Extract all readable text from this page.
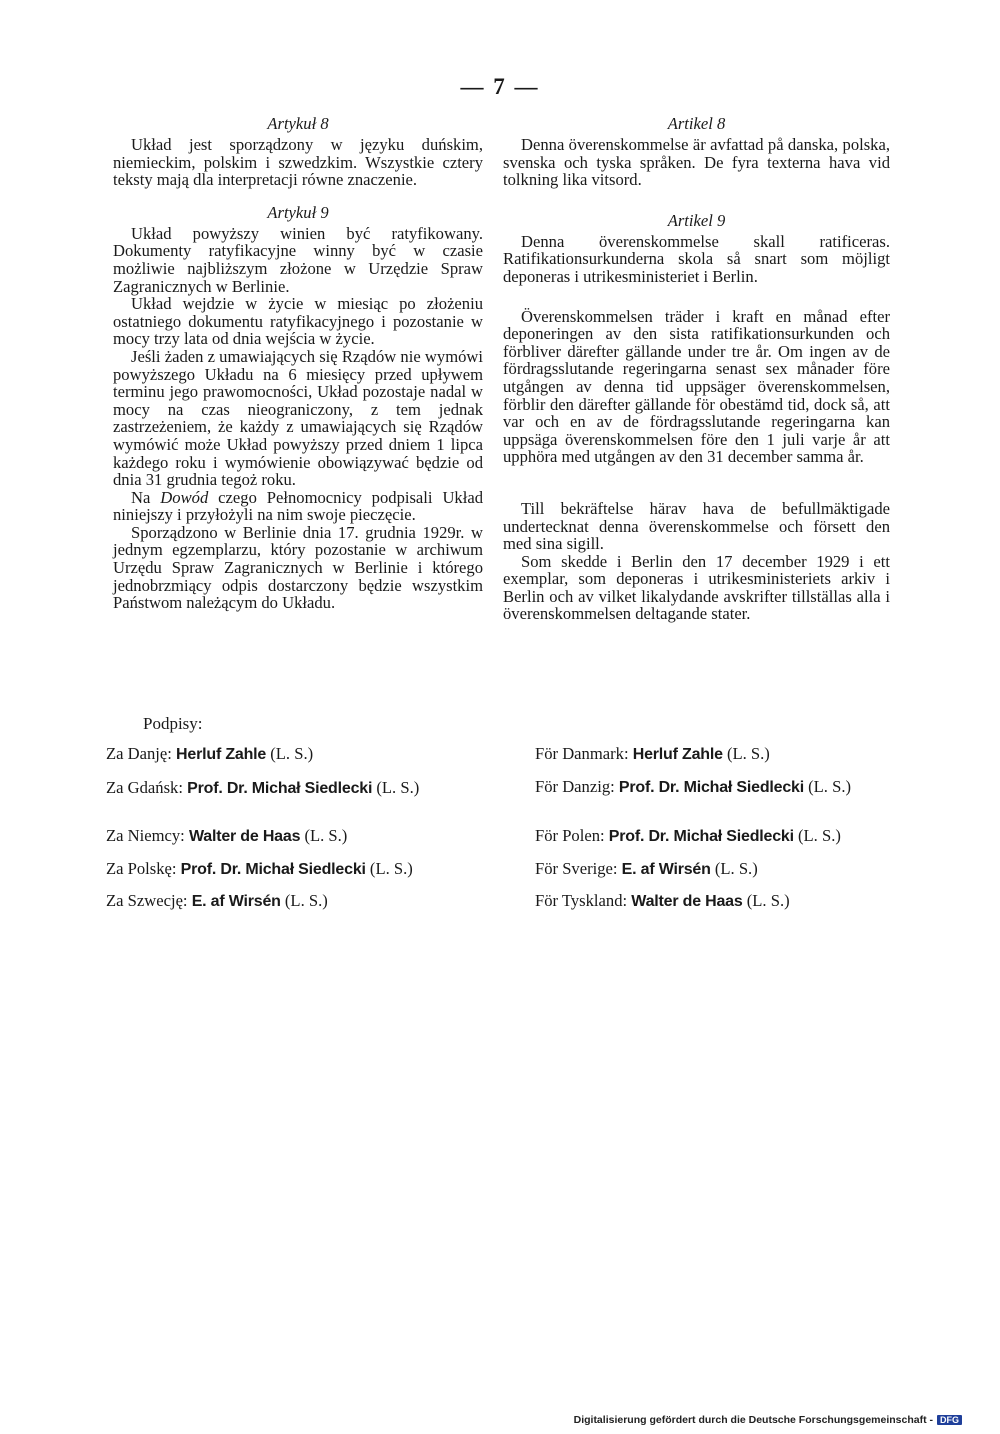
— 7 —
Artykuł 8

Układ jest sporządzony w języku duńskim, niemieckim, polskim i szwedzkim. Wszystkie cztery teksty mają dla interpretacji równe znaczenie.

Artykuł 9

Układ powyższy winien być ratyfikowany. Dokumenty ratyfikacyjne winny być w czasie możliwie najbliższym złożone w Urzędzie Spraw Zagranicznych w Berlinie.

Układ wejdzie w życie w miesiąc po złożeniu ostatniego dokumentu ratyfikacyjnego i pozostanie w mocy trzy lata od dnia wejścia w życie.

Jeśli żaden z umawiających się Rządów nie wymówi powyższego Układu na 6 miesięcy przed upływem terminu jego prawomocności, Układ pozostaje nadal w mocy na czas nieograniczony, z tem jednak zastrzeżeniem, że każdy z umawiających się Rządów wymówić może Układ powyższy przed dniem 1 lipca każdego roku i wymówienie obowiązywać będzie od dnia 31 grudnia tegoż roku.

Na Dowód czego Pełnomocnicy podpisali Układ niniejszy i przyłożyli na nim swoje pieczęcie.

Sporządzono w Berlinie dnia 17. grudnia 1929r. w jednym egzemplarzu, który pozostanie w archiwum Urzędu Spraw Zagranicznych w Berlinie i którego jednobrzmiący odpis dostarczony będzie wszystkim Państwom należącym do Układu.

Artikel 8

Denna överenskommelse är avfattad på danska, polska, svenska och tyska språken. De fyra texterna hava vid tolkning lika vitsord.

Artikel 9

Denna överenskommelse skall ratificeras. Ratifikationsurkunderna skola så snart som möjligt deponeras i utrikesministeriet i Berlin.

Överenskommelsen träder i kraft en månad efter deponeringen av den sista ratifikationsurkunden och förbliver därefter gällande under tre år. Om ingen av de fördragsslutande regeringarna senast sex månader före utgången av denna tid uppsäger överenskommelsen, förblir den därefter gällande för obestämd tid, dock så, att var och en av de fördragsslutande regeringarna kan uppsäga överenskommelsen före den 1 juli varje år att upphöra med utgången av den 31 december samma år.

Till bekräftelse härav hava de befullmäktigade undertecknat denna överenskommelse och försett den med sina sigill.

Som skedde i Berlin den 17 december 1929 i ett exemplar, som deponeras i utrikesministeriets arkiv i Berlin och av vilket likalydande avskrifter tillställas alla i överenskommelsen deltagande stater.

Podpisy:
Za Danję: Herluf Zahle (L. S.)
Za Gdańsk: Prof. Dr. Michał Siedlecki (L. S.)
Za Niemcy: Walter de Haas (L. S.)
Za Polskę: Prof. Dr. Michał Siedlecki (L. S.)
Za Szwecję: E. af Wirsén (L. S.)
För Danmark: Herluf Zahle (L. S.)
För Danzig: Prof. Dr. Michał Siedlecki (L. S.)
För Polen: Prof. Dr. Michał Siedlecki (L. S.)
För Sverige: E. af Wirsén (L. S.)
För Tyskland: Walter de Haas (L. S.)
Digitalisierung gefördert durch die Deutsche Forschungsgemeinschaft - DFG
